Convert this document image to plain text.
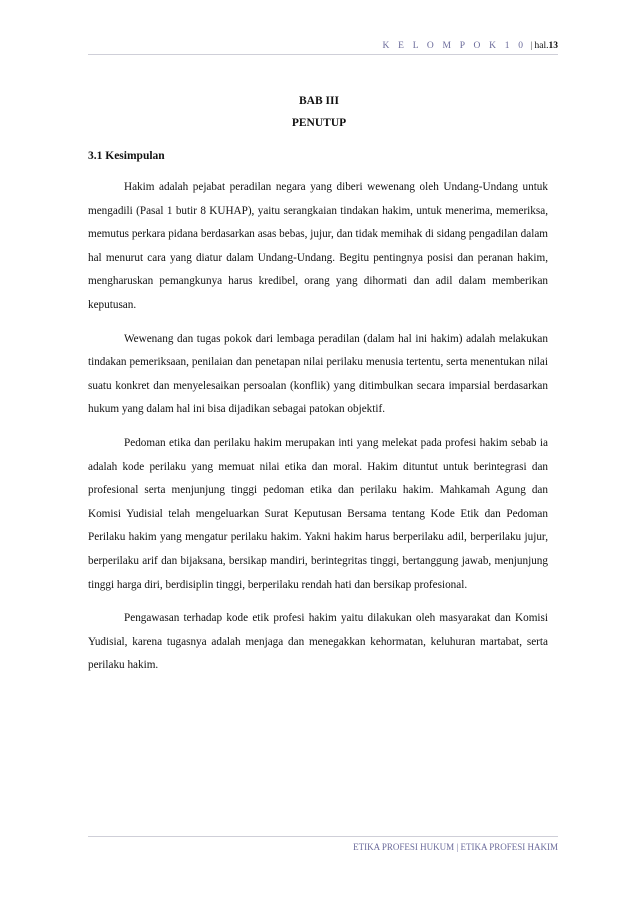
K E L O M P O K 1 0 | hal.13
BAB III
PENUTUP
3.1 Kesimpulan

Hakim adalah pejabat peradilan negara yang diberi wewenang oleh Undang-Undang untuk mengadili (Pasal 1 butir 8 KUHAP), yaitu serangkaian tindakan hakim, untuk menerima, memeriksa, memutus perkara pidana berdasarkan asas bebas, jujur, dan tidak memihak di sidang pengadilan dalam hal menurut cara yang diatur dalam Undang-Undang. Begitu pentingnya posisi dan peranan hakim, mengharuskan pemangkunya harus kredibel, orang yang dihormati dan adil dalam memberikan keputusan.

Wewenang dan tugas pokok dari lembaga peradilan (dalam hal ini hakim) adalah melakukan tindakan pemeriksaan, penilaian dan penetapan nilai perilaku menusia tertentu, serta menentukan nilai suatu konkret dan menyelesaikan persoalan (konflik) yang ditimbulkan secara imparsial berdasarkan hukum yang dalam hal ini bisa dijadikan sebagai patokan objektif.

Pedoman etika dan perilaku hakim merupakan inti yang melekat pada profesi hakim sebab ia adalah kode perilaku yang memuat nilai etika dan moral. Hakim dituntut untuk berintegrasi dan profesional serta menjunjung tinggi pedoman etika dan perilaku hakim. Mahkamah Agung dan Komisi Yudisial telah mengeluarkan Surat Keputusan Bersama tentang Kode Etik dan Pedoman Perilaku hakim yang mengatur perilaku hakim. Yakni hakim harus berperilaku adil, berperilaku jujur, berperilaku arif dan bijaksana, bersikap mandiri, berintegritas tinggi, bertanggung jawab, menjunjung tinggi harga diri, berdisiplin tinggi, berperilaku rendah hati dan bersikap profesional.

Pengawasan terhadap kode etik profesi hakim yaitu dilakukan oleh masyarakat dan Komisi Yudisial, karena tugasnya adalah menjaga dan menegakkan kehormatan, keluhuran martabat, serta perilaku hakim.

ETIKA PROFESI HUKUM | ETIKA PROFESI HAKIM
